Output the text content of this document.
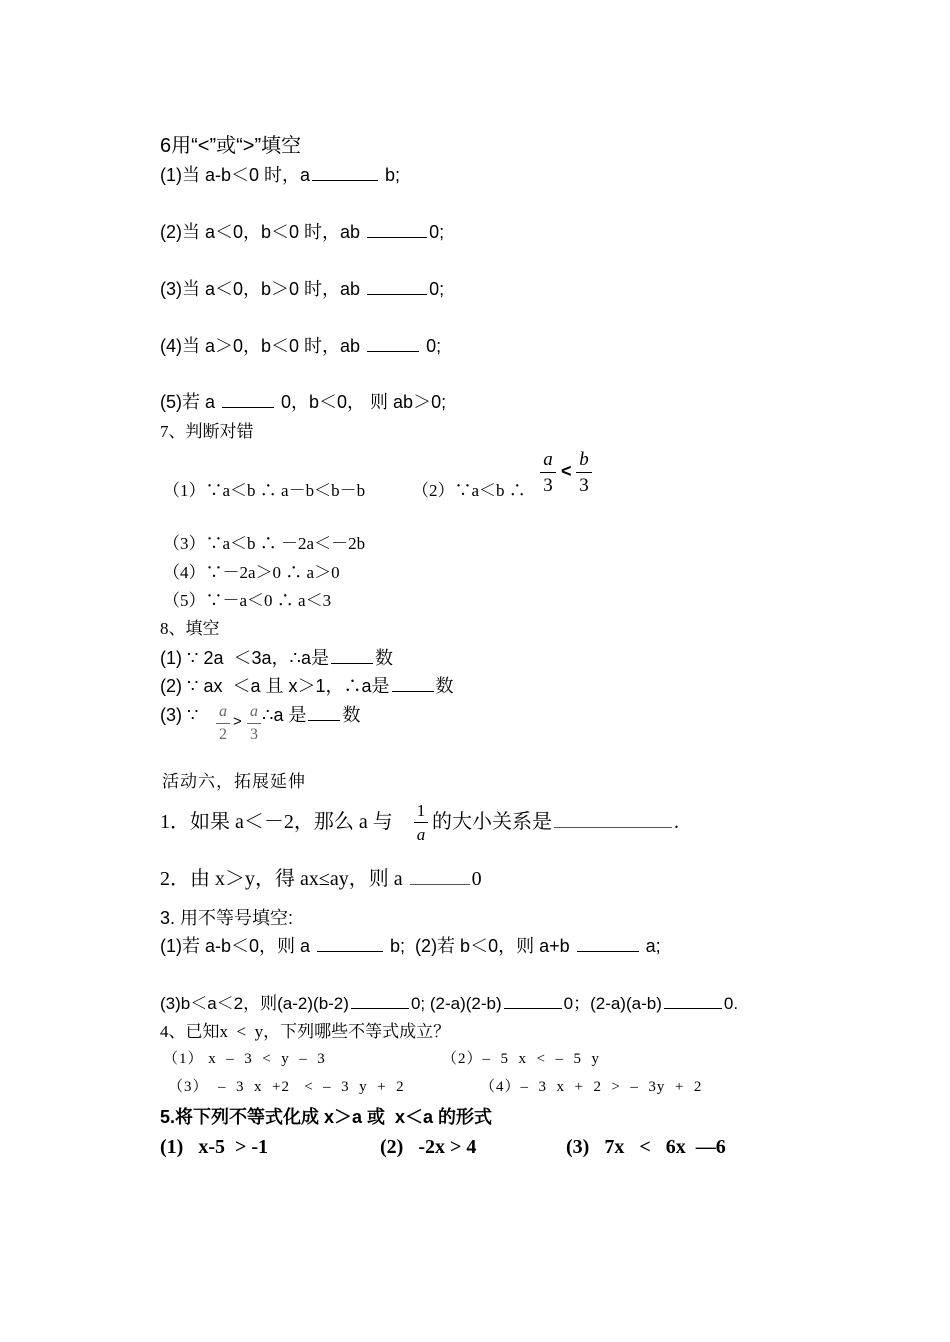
6用“<”或“>”填空
(1)当 a-b＜0 时，a	b;
(2)当 a＜0，b＜0 时，ab	0;
(3)当 a＜0，b＞0 时，ab	0;
(4)当 a＞0，b＜0 时，ab	0;
(5)若 a	0，b＜0， 则 ab＞0;
7、判断对错
（1）∵a＜b ∴ a－b＜b－b	（2）∵a＜b ∴
a
3
<
b
3
（3）∵a＜b ∴ －2a＜－2b
（4）∵－2a＞0 ∴ a＞0
（5）∵－a＜0 ∴ a＜3
8、填空
(1) ∵ 2a  ＜3a，∴a是	数
(2) ∵ ax  ＜a 且 x＞1，∴a是	数
(3) ∵ a
2
>
a
3
∴a 是 数
活动六，拓展延伸
1．如果 a＜－2，那么 a 与
1
a
的大小关系是	.
2．由 x＞y，得 ax≤ay，则 a	0
3. 用不等号填空:
(1)若 a-b＜0，则 a	b;  (2)若 b＜0，则 a+b	a;
(3)b＜a＜2，则(a-2)(b-2)	0; (2-a)(2-b)	0；(2-a)(a-b)	0.
4、已知x  <  y，下列哪些不等式成立？
（1） x  –  3  <  y  –  3	（2）–  5  x  <  –  5  y
（3）  –  3  x  +2   <  –  3  y  +  2	（4）–  3  x  +  2  >  –  3y  +  2
5.将下列不等式化成 x＞a 或  x＜a 的形式
(1)   x-5  > -1	(2)   -2x > 4	(3)   7x   <   6x  —6
